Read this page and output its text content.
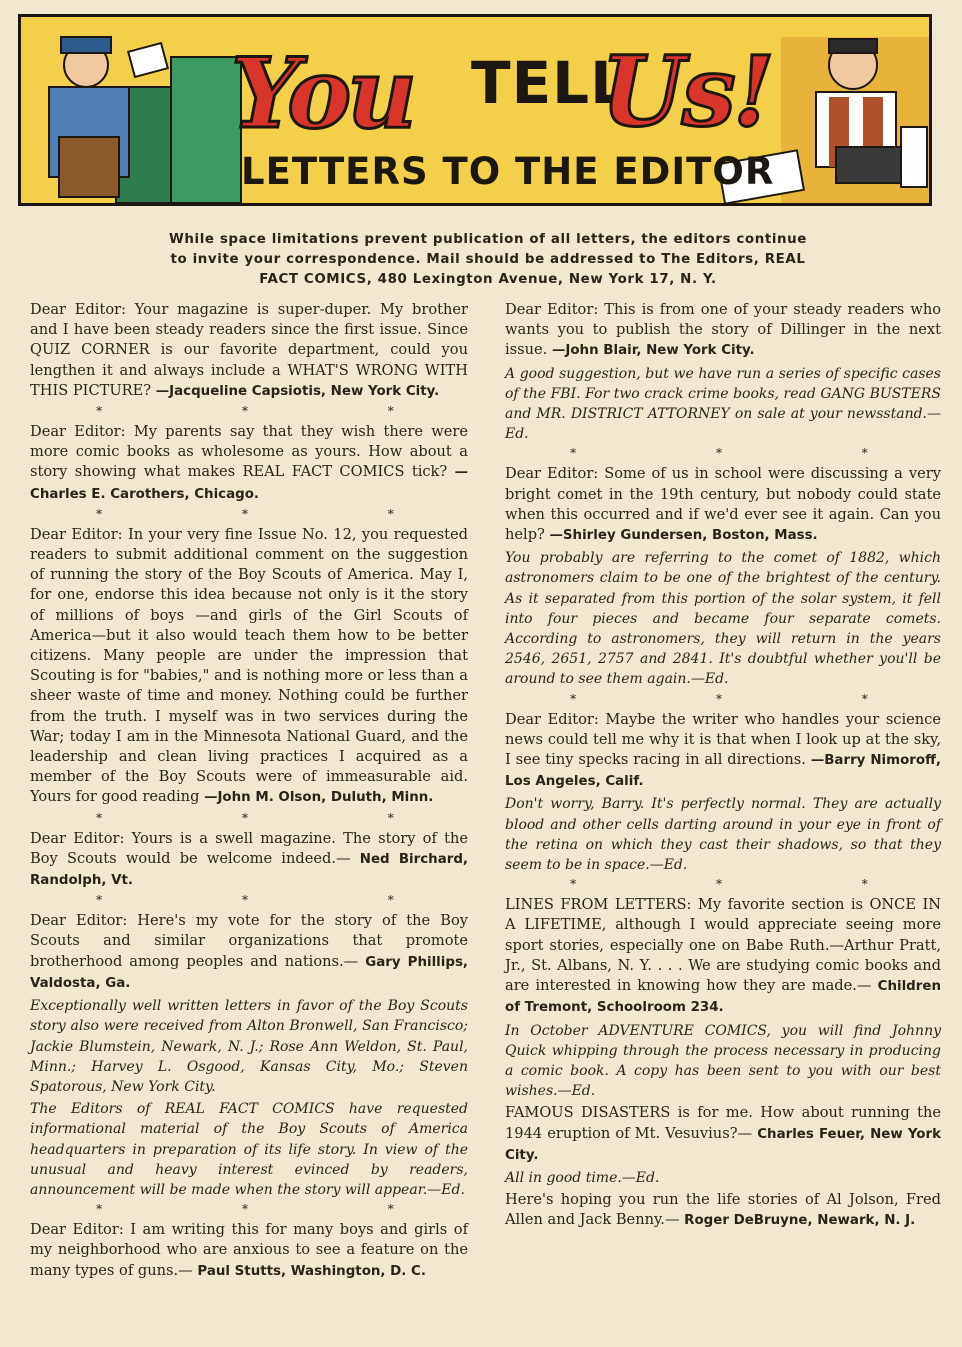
You TELL
Us!
LETTERS TO THE EDITOR
While space limitations prevent publication of all letters, the editors continue to invite your correspondence. Mail should be addressed to The Editors, REAL FACT COMICS, 480 Lexington Avenue, New York 17, N. Y.

Dear Editor: Your magazine is super-duper. My brother and I have been steady readers since the first issue. Since QUIZ CORNER is our favorite department, could you lengthen it and always include a WHAT'S WRONG WITH THIS PICTURE? —Jacqueline Capsiotis, New York City.

* * *

Dear Editor: My parents say that they wish there were more comic books as wholesome as yours. How about a story showing what makes REAL FACT COMICS tick? —Charles E. Carothers, Chicago.

* * *

Dear Editor: In your very fine Issue No. 12, you requested readers to submit additional comment on the suggestion of running the story of the Boy Scouts of America. May I, for one, endorse this idea because not only is it the story of millions of boys —and girls of the Girl Scouts of America—but it also would teach them how to be better citizens. Many people are under the impression that Scouting is for "babies," and is nothing more or less than a sheer waste of time and money. Nothing could be further from the truth. I myself was in two services during the War; today I am in the Minnesota National Guard, and the leadership and clean living practices I acquired as a member of the Boy Scouts were of immeasurable aid. Yours for good reading —John M. Olson, Duluth, Minn.

* * *

Dear Editor: Yours is a swell magazine. The story of the Boy Scouts would be welcome indeed.— Ned Birchard, Randolph, Vt.

* * *

Dear Editor: Here's my vote for the story of the Boy Scouts and similar organizations that promote brotherhood among peoples and nations.— Gary Phillips, Valdosta, Ga.

Exceptionally well written letters in favor of the Boy Scouts story also were received from Alton Bronwell, San Francisco; Jackie Blumstein, Newark, N. J.; Rose Ann Weldon, St. Paul, Minn.; Harvey L. Osgood, Kansas City, Mo.; Steven Spatorous, New York City.

The Editors of REAL FACT COMICS have requested informational material of the Boy Scouts of America headquarters in preparation of its life story. In view of the unusual and heavy interest evinced by readers, announcement will be made when the story will appear.—Ed.

* * *

Dear Editor: I am writing this for many boys and girls of my neighborhood who are anxious to see a feature on the many types of guns.— Paul Stutts, Washington, D. C.

Dear Editor: This is from one of your steady readers who wants you to publish the story of Dillinger in the next issue. —John Blair, New York City.

A good suggestion, but we have run a series of specific cases of the FBI. For two crack crime books, read GANG BUSTERS and MR. DISTRICT ATTORNEY on sale at your newsstand.—Ed.

* * *

Dear Editor: Some of us in school were discussing a very bright comet in the 19th century, but nobody could state when this occurred and if we'd ever see it again. Can you help? —Shirley Gundersen, Boston, Mass.

You probably are referring to the comet of 1882, which astronomers claim to be one of the brightest of the century. As it separated from this portion of the solar system, it fell into four pieces and became four separate comets. According to astronomers, they will return in the years 2546, 2651, 2757 and 2841. It's doubtful whether you'll be around to see them again.—Ed.

* * *

Dear Editor: Maybe the writer who handles your science news could tell me why it is that when I look up at the sky, I see tiny specks racing in all directions. —Barry Nimoroff, Los Angeles, Calif.

Don't worry, Barry. It's perfectly normal. They are actually blood and other cells darting around in your eye in front of the retina on which they cast their shadows, so that they seem to be in space.—Ed.

* * *

LINES FROM LETTERS: My favorite section is ONCE IN A LIFETIME, although I would appreciate seeing more sport stories, especially one on Babe Ruth.—Arthur Pratt, Jr., St. Albans, N. Y. . . . We are studying comic books and are interested in knowing how they are made.— Children of Tremont, Schoolroom 234.

In October ADVENTURE COMICS, you will find Johnny Quick whipping through the process necessary in producing a comic book. A copy has been sent to you with our best wishes.—Ed.

FAMOUS DISASTERS is for me. How about running the 1944 eruption of Mt. Vesuvius?— Charles Feuer, New York City.

All in good time.—Ed.

Here's hoping you run the life stories of Al Jolson, Fred Allen and Jack Benny.— Roger DeBruyne, Newark, N. J.
